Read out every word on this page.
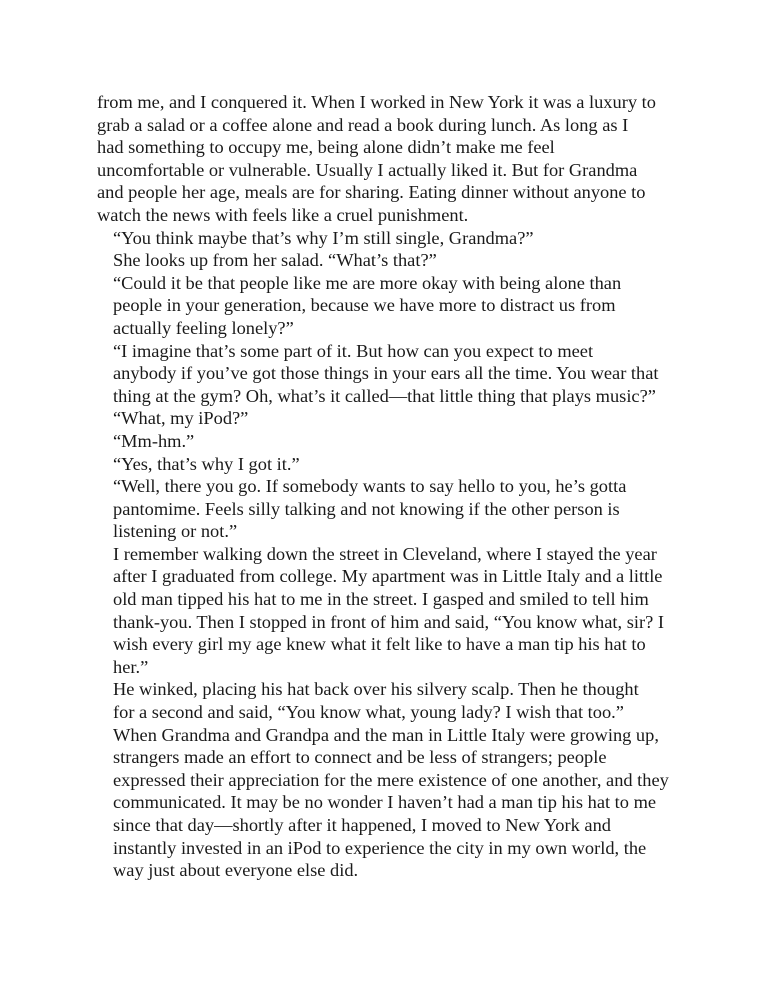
from me, and I conquered it. When I worked in New York it was a luxury to
grab a salad or a coffee alone and read a book during lunch. As long as I
had something to occupy me, being alone didn’t make me feel
uncomfortable or vulnerable. Usually I actually liked it. But for Grandma
and people her age, meals are for sharing. Eating dinner without anyone to
watch the news with feels like a cruel punishment.

“You think maybe that’s why I’m still single, Grandma?”

She looks up from her salad. “What’s that?”

“Could it be that people like me are more okay with being alone than
people in your generation, because we have more to distract us from
actually feeling lonely?”

“I imagine that’s some part of it. But how can you expect to meet
anybody if you’ve got those things in your ears all the time. You wear that
thing at the gym? Oh, what’s it called—that little thing that plays music?”

“What, my iPod?”

“Mm-hm.”

“Yes, that’s why I got it.”

“Well, there you go. If somebody wants to say hello to you, he’s gotta
pantomime. Feels silly talking and not knowing if the other person is
listening or not.”

I remember walking down the street in Cleveland, where I stayed the year
after I graduated from college. My apartment was in Little Italy and a little
old man tipped his hat to me in the street. I gasped and smiled to tell him
thank-you. Then I stopped in front of him and said, “You know what, sir? I
wish every girl my age knew what it felt like to have a man tip his hat to
her.”

He winked, placing his hat back over his silvery scalp. Then he thought
for a second and said, “You know what, young lady? I wish that too.”

When Grandma and Grandpa and the man in Little Italy were growing up,
strangers made an effort to connect and be less of strangers; people
expressed their appreciation for the mere existence of one another, and they
communicated. It may be no wonder I haven’t had a man tip his hat to me
since that day—shortly after it happened, I moved to New York and
instantly invested in an iPod to experience the city in my own world, the
way just about everyone else did.
